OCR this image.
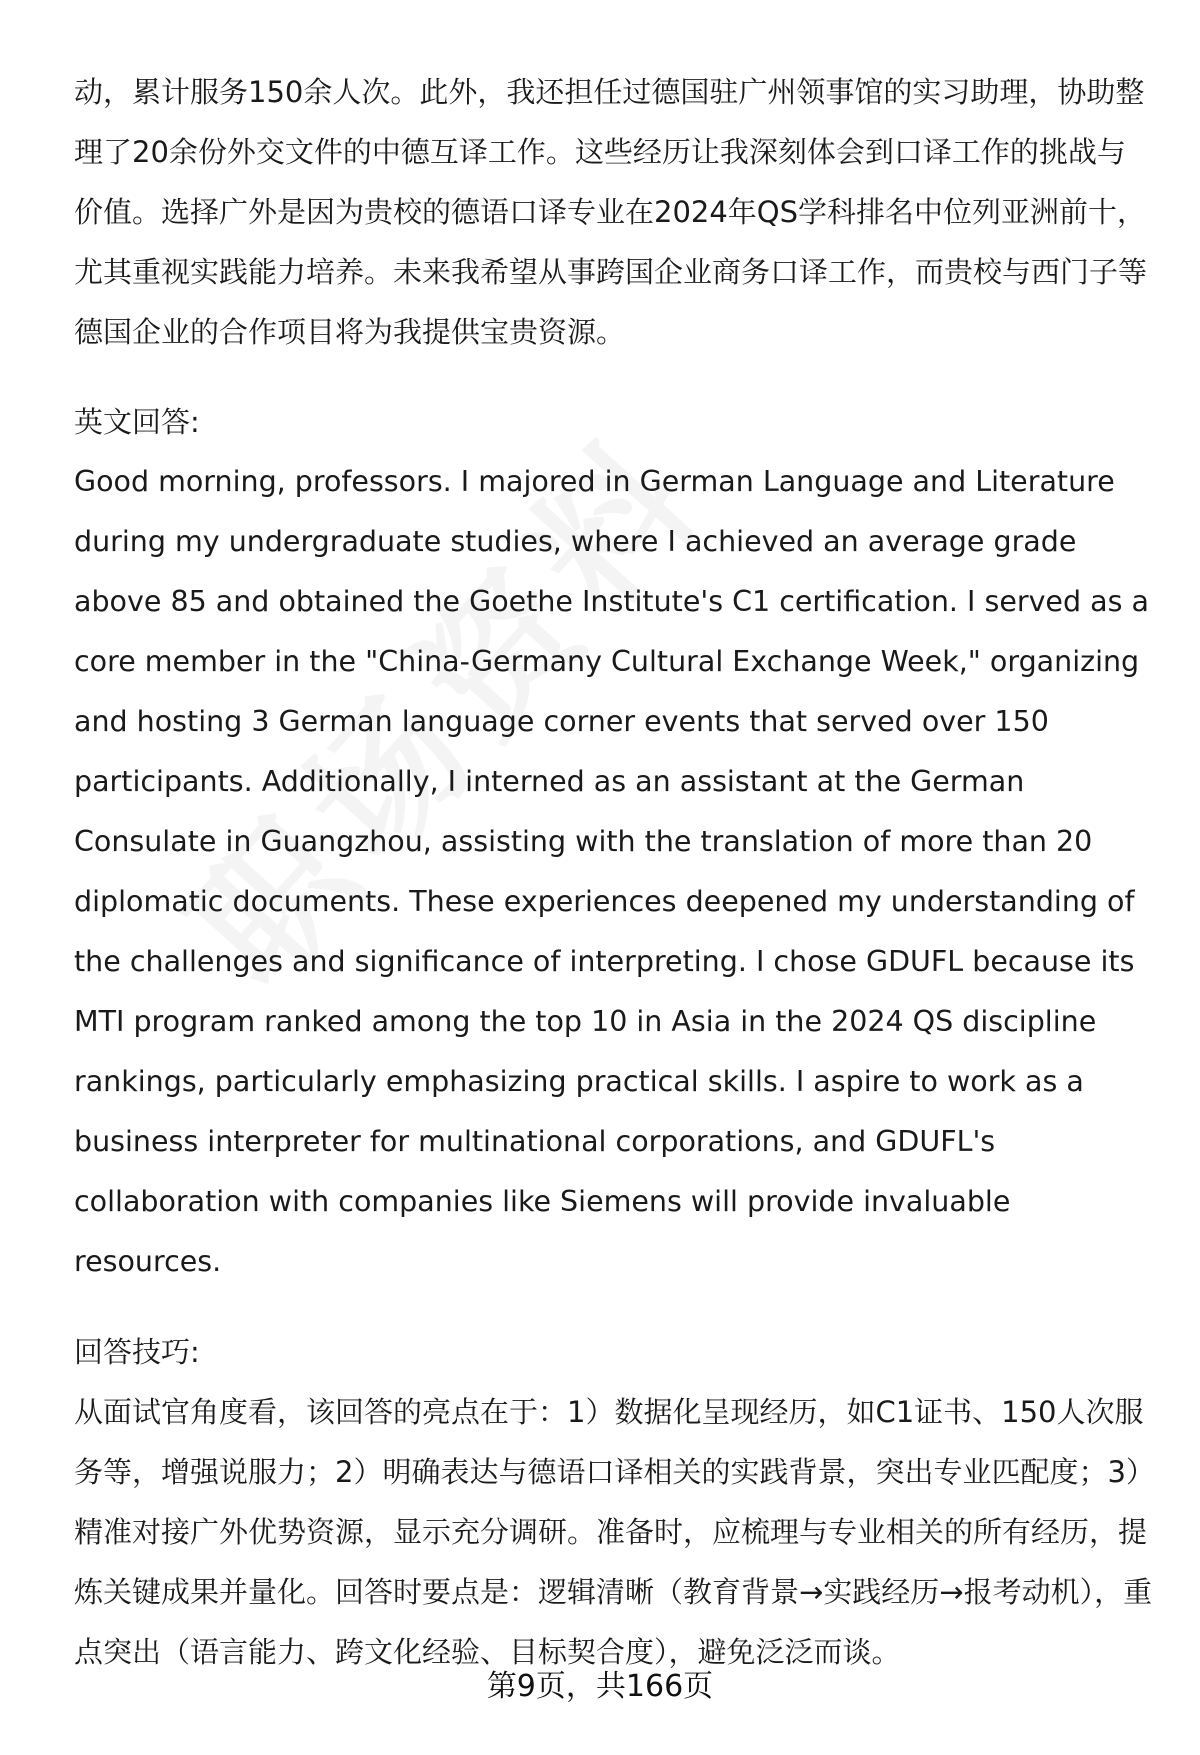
动，累计服务150余人次。此外，我还担任过德国驻广州领事馆的实习助理，协助整理了20余份外交文件的中德互译工作。这些经历让我深刻体会到口译工作的挑战与价值。选择广外是因为贵校的德语口译专业在2024年QS学科排名中位列亚洲前十，尤其重视实践能力培养。未来我希望从事跨国企业商务口译工作，而贵校与西门子等德国企业的合作项目将为我提供宝贵资源。

英文回答:

Good morning, professors. I majored in German Language and Literature during my undergraduate studies, where I achieved an average grade above 85 and obtained the Goethe Institute's C1 certification. I served as a core member in the "China-Germany Cultural Exchange Week," organizing and hosting 3 German language corner events that served over 150 participants. Additionally, I interned as an assistant at the German Consulate in Guangzhou, assisting with the translation of more than 20 diplomatic documents. These experiences deepened my understanding of the challenges and significance of interpreting. I chose GDUFL because its MTI program ranked among the top 10 in Asia in the 2024 QS discipline rankings, particularly emphasizing practical skills. I aspire to work as a business interpreter for multinational corporations, and GDUFL's collaboration with companies like Siemens will provide invaluable resources.

回答技巧:

从面试官角度看，该回答的亮点在于：1）数据化呈现经历，如C1证书、150人次服务等，增强说服力；2）明确表达与德语口译相关的实践背景，突出专业匹配度；3）精准对接广外优势资源，显示充分调研。准备时，应梳理与专业相关的所有经历，提炼关键成果并量化。回答时要点是：逻辑清晰（教育背景→实践经历→报考动机），重点突出（语言能力、跨文化经验、目标契合度），避免泛泛而谈。

第9页，共166页
